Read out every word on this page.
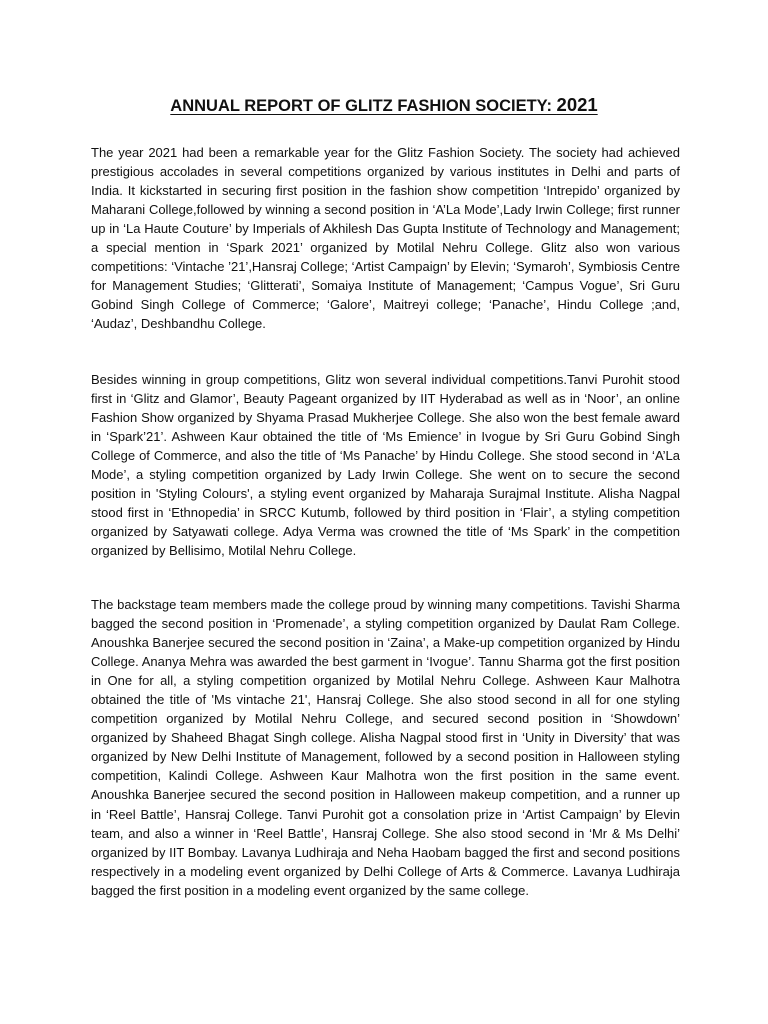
ANNUAL REPORT OF GLITZ FASHION SOCIETY: 2021

The year 2021 had been a remarkable year for the Glitz Fashion Society. The society had achieved prestigious accolades in several competitions organized by various institutes in Delhi and parts of India. It kickstarted in securing first position in the fashion show competition ‘Intrepido’ organized by Maharani College,followed by winning a second position in ‘A’La Mode’,Lady Irwin College; first runner up in ‘La Haute Couture’ by Imperials of Akhilesh Das Gupta Institute of Technology and Management; a special mention in ‘Spark 2021’ organized by Motilal Nehru College. Glitz also won various competitions: ‘Vintache ’21’,Hansraj College; ‘Artist Campaign’ by Elevin; ‘Symaroh’, Symbiosis Centre for Management Studies; ‘Glitterati’, Somaiya Institute of Management; ‘Campus Vogue’, Sri Guru Gobind Singh College of Commerce; ‘Galore’, Maitreyi college; ‘Panache’, Hindu College ;and, ‘Audaz’, Deshbandhu College.

Besides winning in group competitions, Glitz won several individual competitions.Tanvi Purohit stood first in ‘Glitz and Glamor’, Beauty Pageant organized by IIT Hyderabad as well as in ‘Noor’, an online Fashion Show organized by Shyama Prasad Mukherjee College. She also won the best female award in ‘Spark’21’. Ashween Kaur obtained the title of ‘Ms Emience’ in Ivogue by Sri Guru Gobind Singh College of Commerce, and also the title of ‘Ms Panache’ by Hindu College. She stood second in ‘A’La Mode’, a styling competition organized by Lady Irwin College. She went on to secure the second position in 'Styling Colours', a styling event organized by Maharaja Surajmal Institute. Alisha Nagpal stood first in ‘Ethnopedia’ in SRCC Kutumb, followed by third position in ‘Flair’, a styling competition organized by Satyawati college. Adya Verma was crowned the title of ‘Ms Spark’ in the competition organized by Bellisimo, Motilal Nehru College.

The backstage team members made the college proud by winning many competitions. Tavishi Sharma bagged the second position in ‘Promenade’, a styling competition organized by Daulat Ram College. Anoushka Banerjee secured the second position in ‘Zaina’, a Make-up competition organized by Hindu College. Ananya Mehra was awarded the best garment in ‘Ivogue’. Tannu Sharma got the first position in One for all, a styling competition organized by Motilal Nehru College. Ashween Kaur Malhotra obtained the title of 'Ms vintache 21', Hansraj College. She also stood second in all for one styling competition organized by Motilal Nehru College, and secured second position in ‘Showdown’ organized by Shaheed Bhagat Singh college. Alisha Nagpal stood first in ‘Unity in Diversity’ that was organized by New Delhi Institute of Management, followed by a second position in Halloween styling competition, Kalindi College. Ashween Kaur Malhotra won the first position in the same event. Anoushka Banerjee secured the second position in Halloween makeup competition, and a runner up in ‘Reel Battle’, Hansraj College. Tanvi Purohit got a consolation prize in ‘Artist Campaign’ by Elevin team, and also a winner in ‘Reel Battle’, Hansraj College. She also stood second in ‘Mr & Ms Delhi’ organized by IIT Bombay. Lavanya Ludhiraja and Neha Haobam bagged the first and second positions respectively in a modeling event organized by Delhi College of Arts & Commerce. Lavanya Ludhiraja bagged the first position in a modeling event organized by the same college.
